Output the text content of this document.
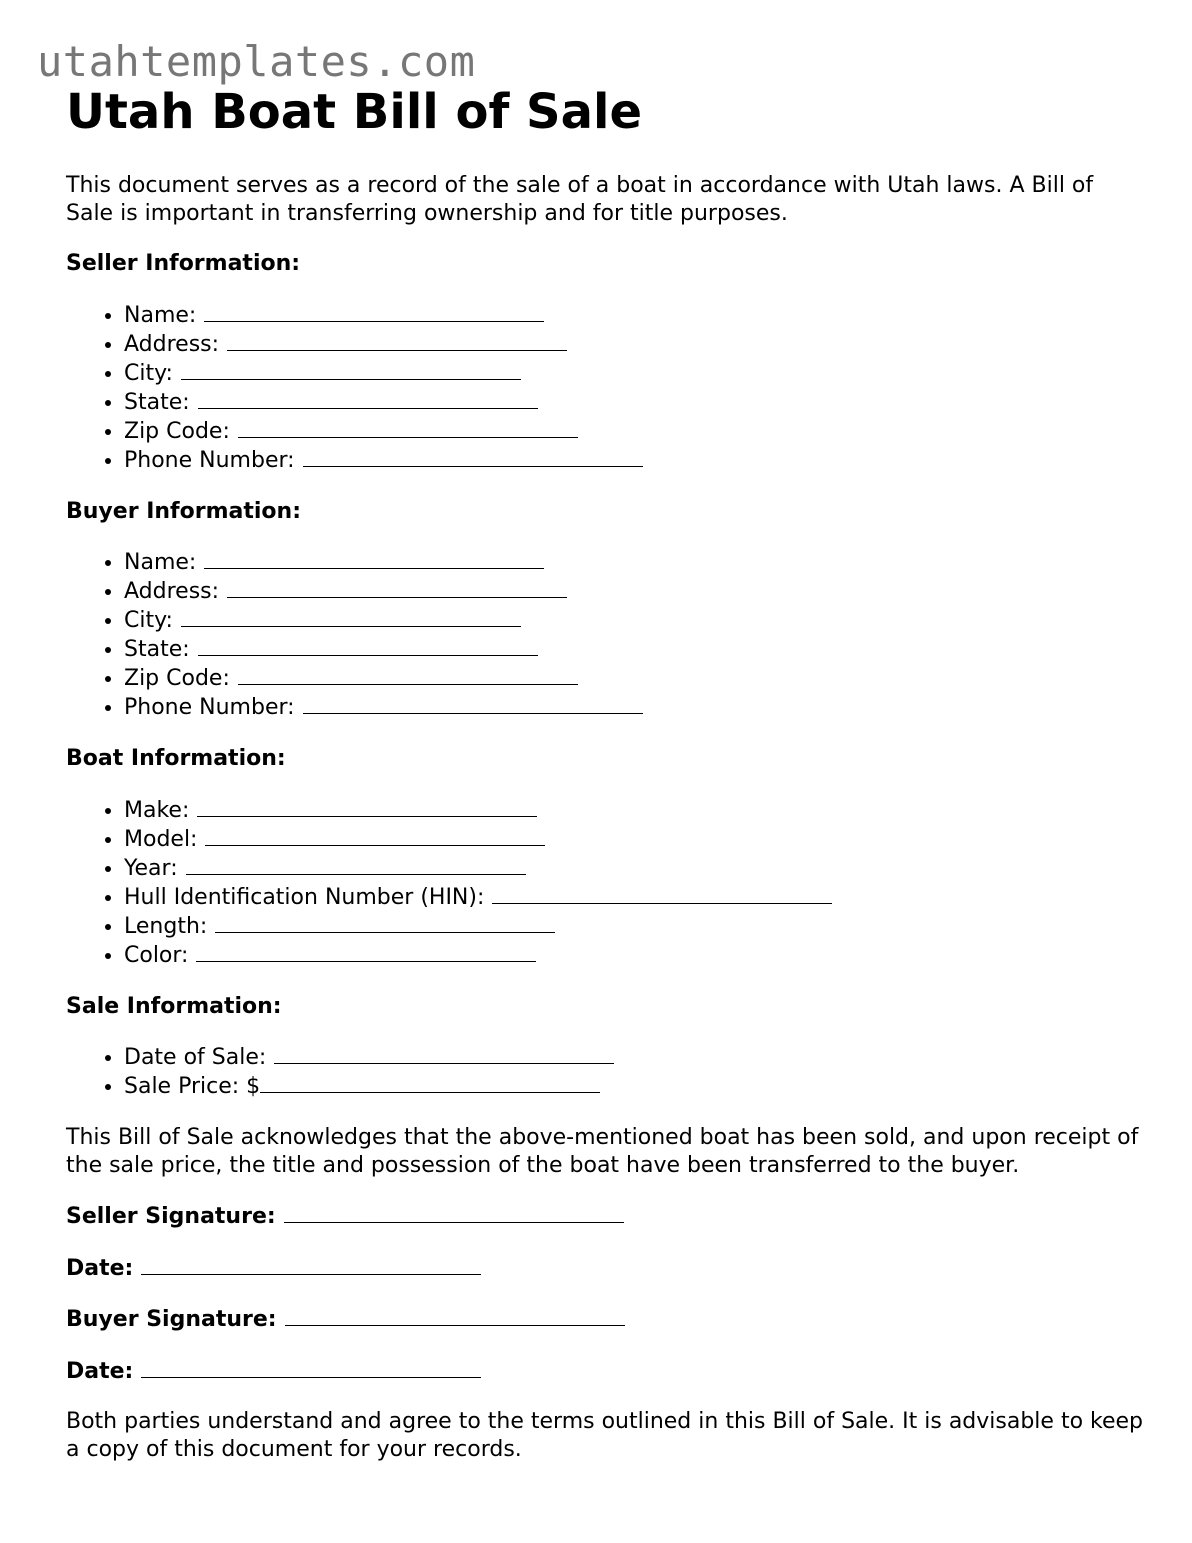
utahtemplates.com
Utah Boat Bill of Sale

This document serves as a record of the sale of a boat in accordance with Utah laws. A Bill of Sale is important in transferring ownership and for title purposes.

Seller Information:

• Name:
• Address:
• City:
• State:
• Zip Code:
• Phone Number:

Buyer Information:

• Name:
• Address:
• City:
• State:
• Zip Code:
• Phone Number:

Boat Information:

• Make:
• Model:
• Year:
• Hull Identification Number (HIN):
• Length:
• Color:

Sale Information:

• Date of Sale:
• Sale Price: $

This Bill of Sale acknowledges that the above-mentioned boat has been sold, and upon receipt of the sale price, the title and possession of the boat have been transferred to the buyer.

Seller Signature:

Date:

Buyer Signature:

Date:

Both parties understand and agree to the terms outlined in this Bill of Sale. It is advisable to keep a copy of this document for your records.
